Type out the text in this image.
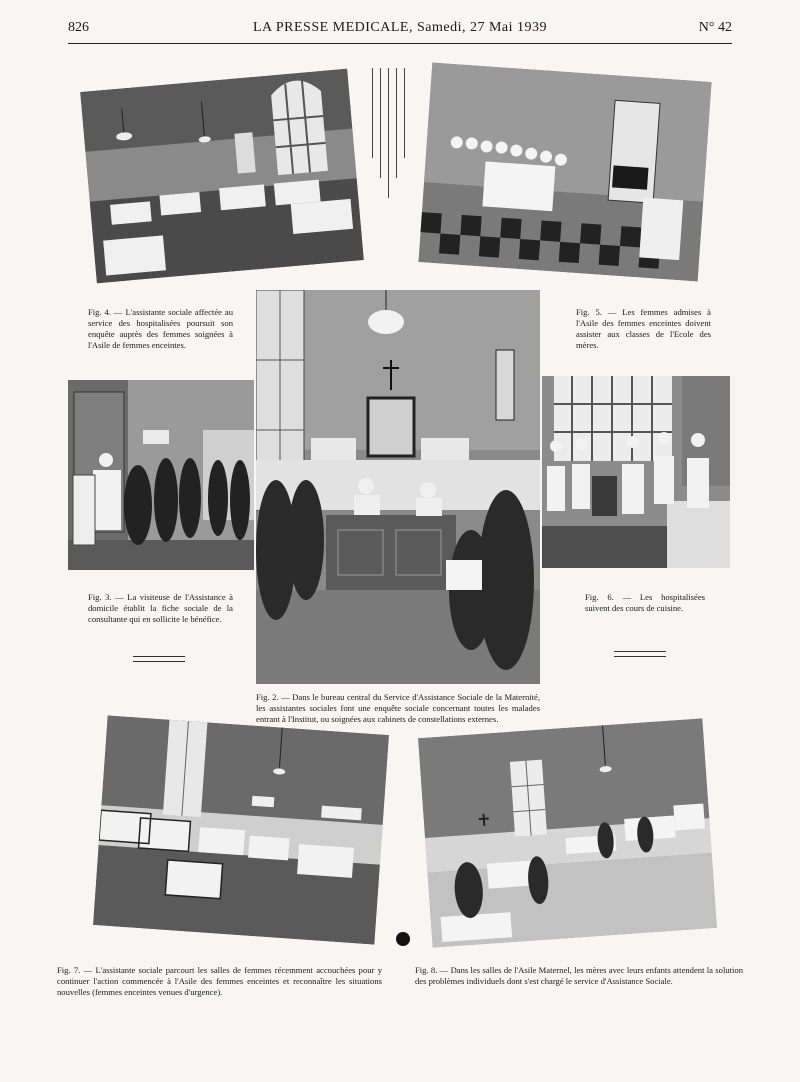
826	LA PRESSE MEDICALE, Samedi, 27 Mai 1939	N° 42
Fig. 4. — L'assistante sociale affectée au service des hospitalisées poursuit son enquête auprès des femmes soignées à l'Asile de femmes enceintes.
Fig. 5. — Les femmes admises à l'Asile des femmes enceintes doivent assister aux classes de l'Ecole des mères.
Fig. 3. — La visiteuse de l'Assistance à domicile établit la fiche sociale de la consultante qui en sollicite le bénéfice.
Fig. 6. — Les hospitalisées suivent des cours de cuisine.
Fig. 2. — Dans le bureau central du Service d'Assistance Sociale de la Maternité, les assistantes sociales font une enquête sociale concernant toutes les malades entrant à l'Institut, ou soignées aux cabinets de constellations externes.
Fig. 7. — L'assistante sociale parcourt les salles de femmes récemment accouchées pour y continuer l'action commencée à l'Asile des femmes enceintes et reconnaître les situations nouvelles (femmes enceintes venues d'urgence).
Fig. 8. — Dans les salles de l'Asile Maternel, les mères avec leurs enfants attendent la solution des problèmes individuels dont s'est chargé le service d'Assistance Sociale.
